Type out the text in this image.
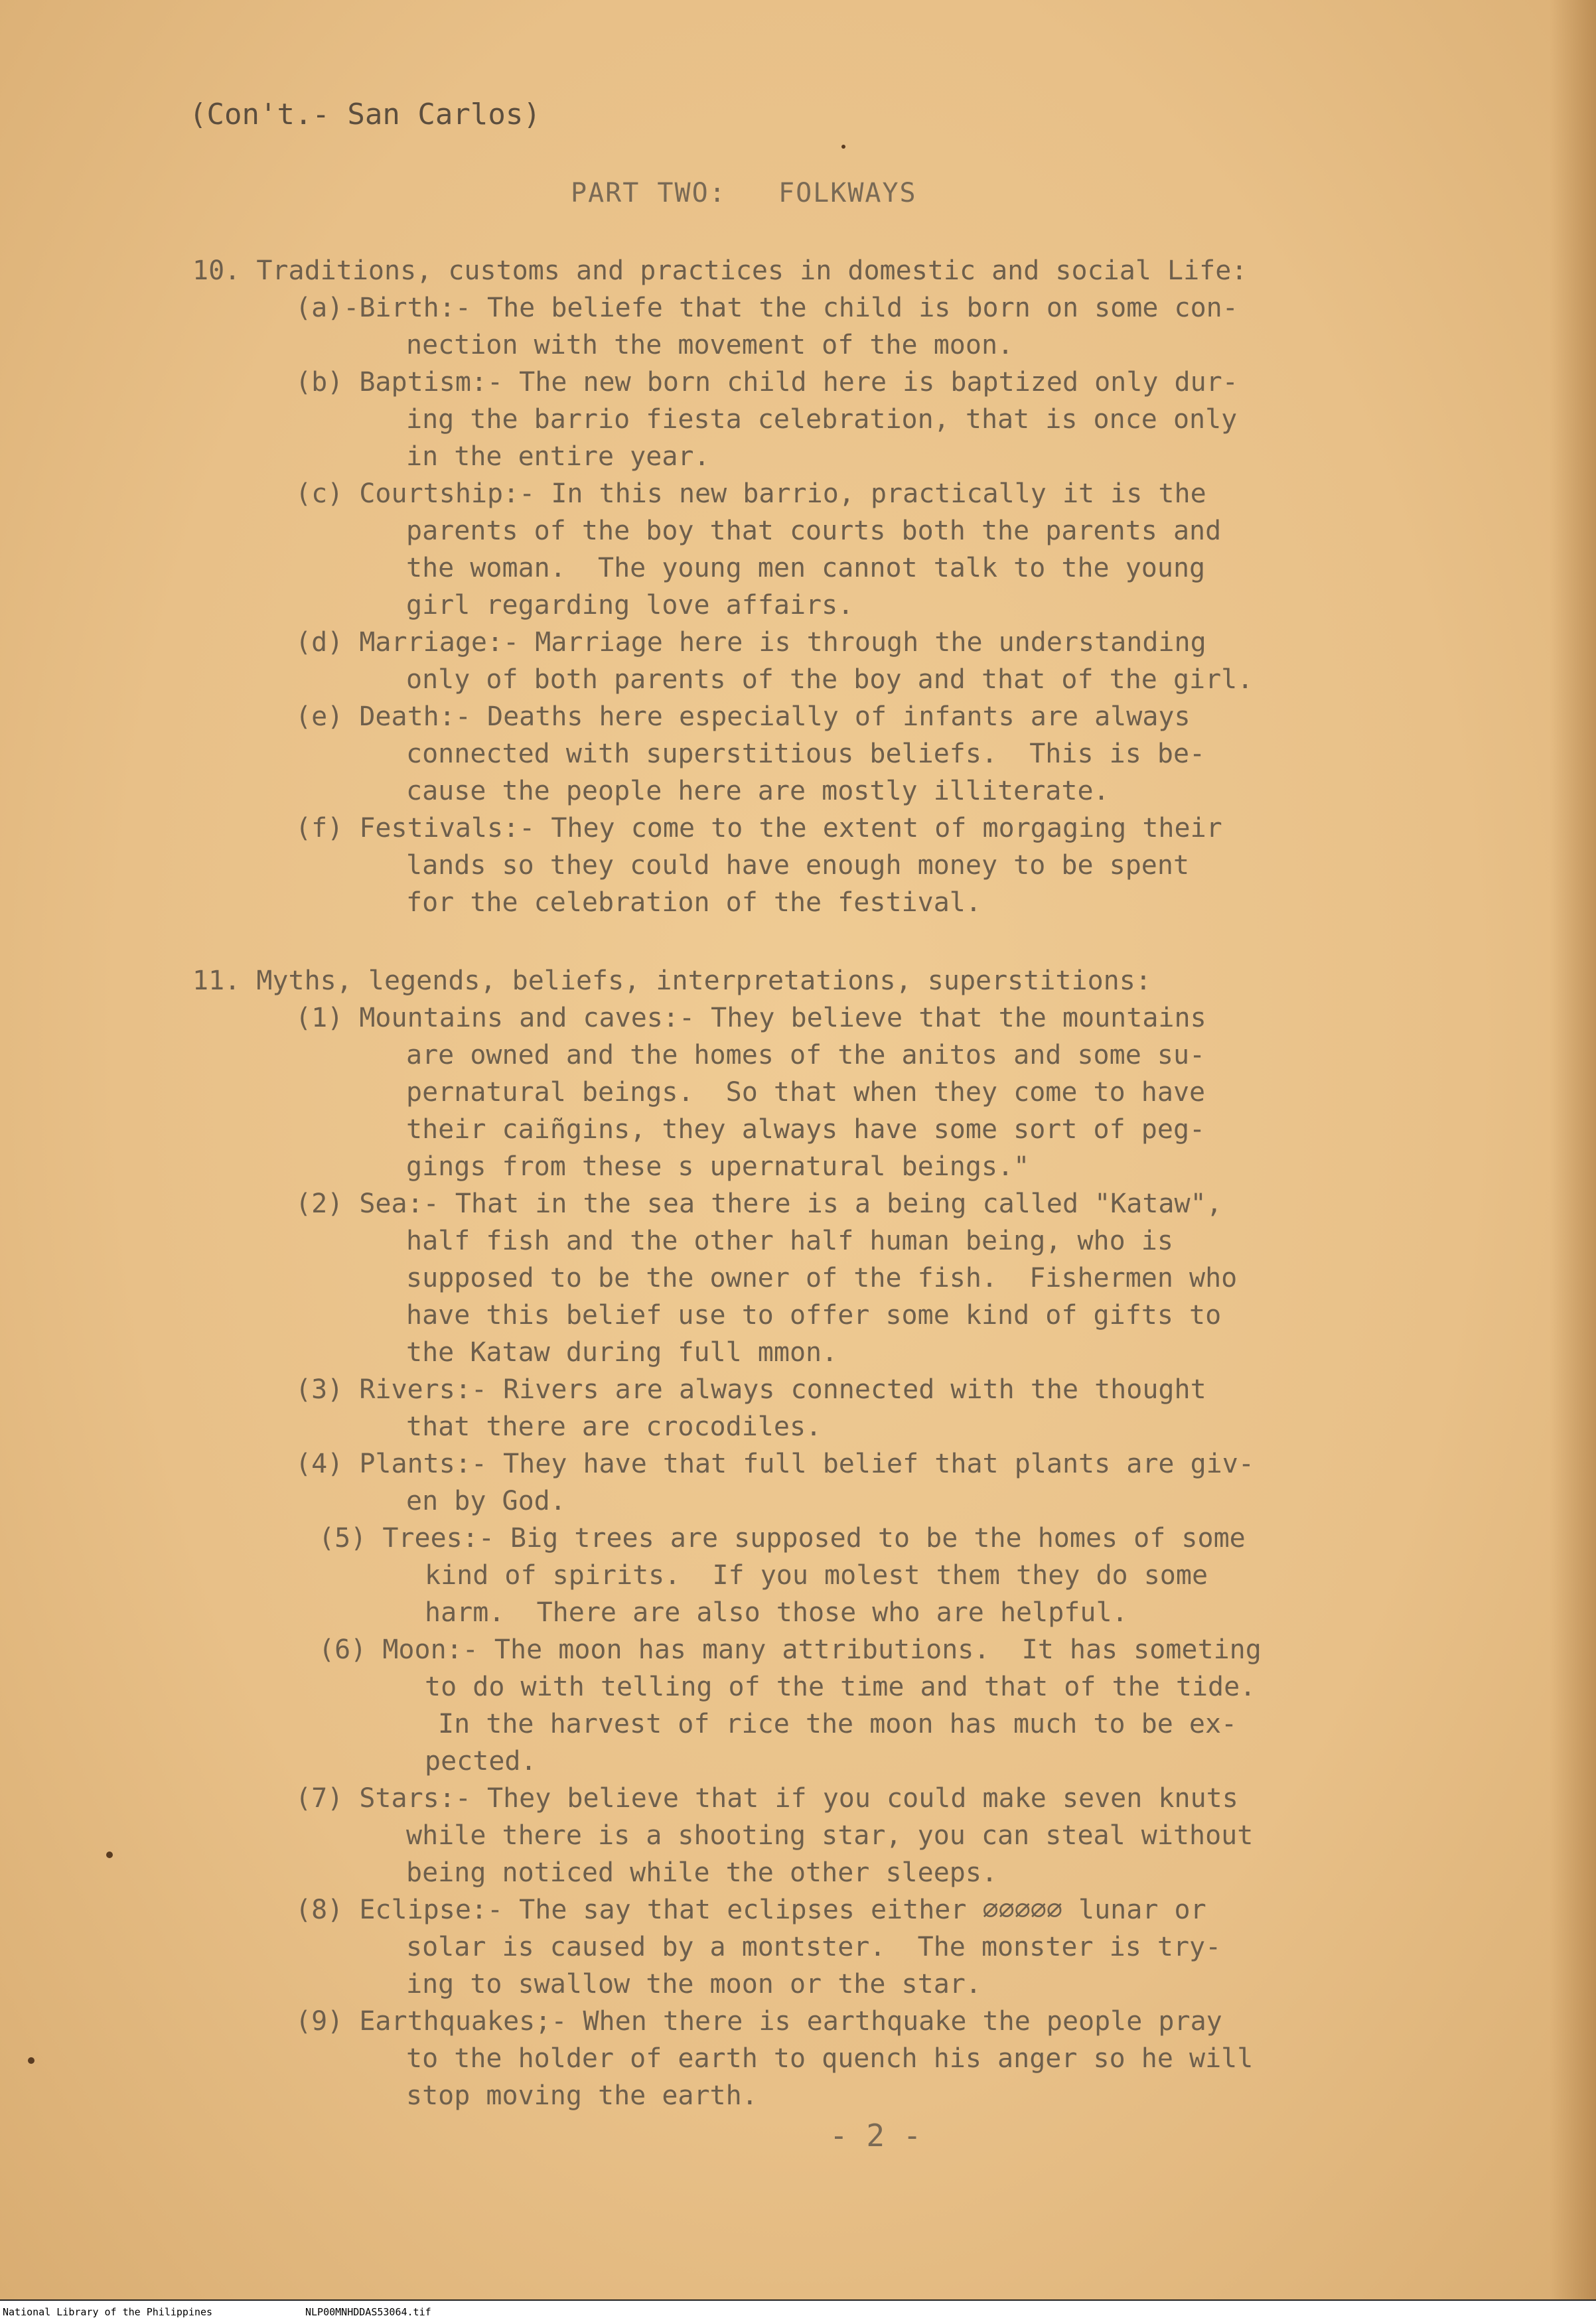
(Con't.- San Carlos)
PART TWO:   FOLKWAYS
10. Traditions, customs and practices in domestic and social Life:
(a)-Birth:- The beliefe that the child is born on some con-
nection with the movement of the moon.
(b) Baptism:- The new born child here is baptized only dur-
ing the barrio fiesta celebration, that is once only
in the entire year.
(c) Courtship:- In this new barrio, practically it is the
parents of the boy that courts both the parents and
the woman.  The young men cannot talk to the young
girl regarding love affairs.
(d) Marriage:- Marriage here is through the understanding
only of both parents of the boy and that of the girl.
(e) Death:- Deaths here especially of infants are always
connected with superstitious beliefs.  This is be-
cause the people here are mostly illiterate.
(f) Festivals:- They come to the extent of morgaging their
lands so they could have enough money to be spent
for the celebration of the festival.
11. Myths, legends, beliefs, interpretations, superstitions:
(1) Mountains and caves:- They believe that the mountains
are owned and the homes of the anitos and some su-
pernatural beings.  So that when they come to have
their caiñgins, they always have some sort of peg-
gings from these s upernatural beings."
(2) Sea:- That in the sea there is a being called "Kataw",
half fish and the other half human being, who is
supposed to be the owner of the fish.  Fishermen who
have this belief use to offer some kind of gifts to
the Kataw during full mmon.
(3) Rivers:- Rivers are always connected with the thought
that there are crocodiles.
(4) Plants:- They have that full belief that plants are giv-
en by God.
(5) Trees:- Big trees are supposed to be the homes of some
kind of spirits.  If you molest them they do some
harm.  There are also those who are helpful.
(6) Moon:- The moon has many attributions.  It has someting
to do with telling of the time and that of the tide.
In the harvest of rice the moon has much to be ex-
pected.
(7) Stars:- They believe that if you could make seven knuts
while there is a shooting star, you can steal without
being noticed while the other sleeps.
(8) Eclipse:- The say that eclipses either ∅∅∅∅∅ lunar or
solar is caused by a montster.  The monster is try-
ing to swallow the moon or the star.
(9) Earthquakes;- When there is earthquake the people pray
to the holder of earth to quench his anger so he will
stop moving the earth.
- 2 -
National Library of the Philippines	NLP00MNHDDAS53064.tif
